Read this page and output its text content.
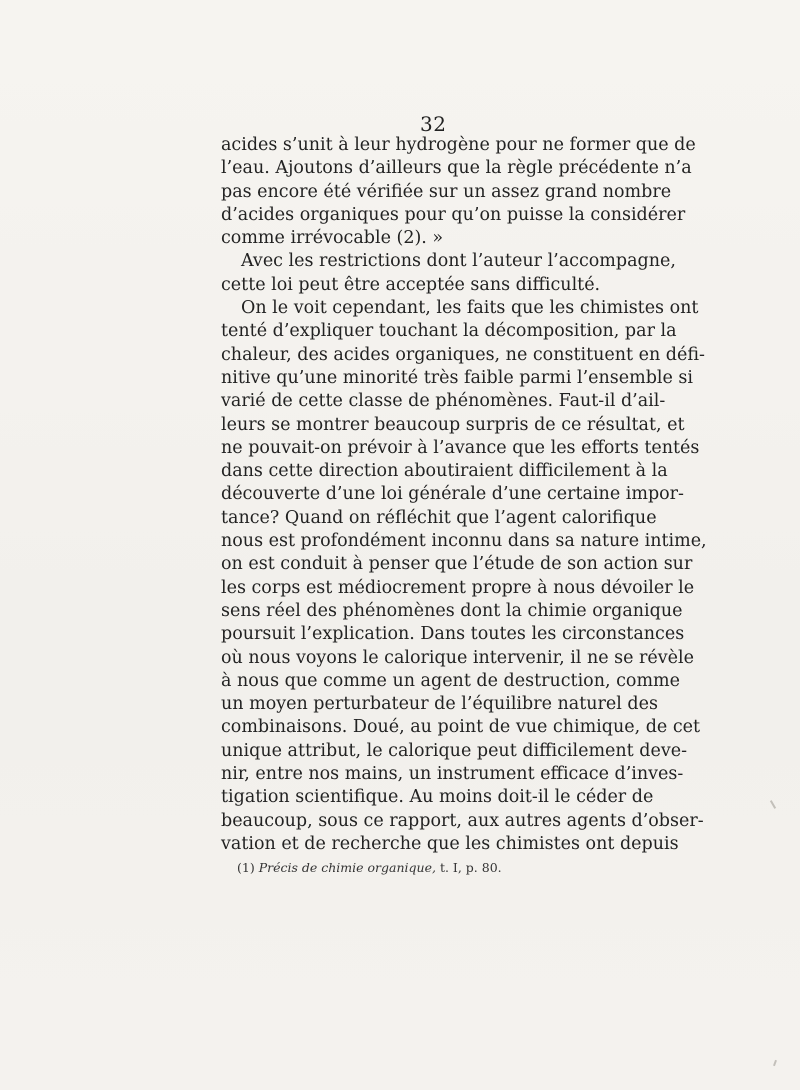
32
acides s’unit à leur hydrogène pour ne former que de
l’eau. Ajoutons d’ailleurs que la règle précédente n’a
pas encore été vérifiée sur un assez grand nombre
d’acides organiques pour qu’on puisse la considérer
comme irrévocable (2). »
Avec les restrictions dont l’auteur l’accompagne,
cette loi peut être acceptée sans difficulté.
On le voit cependant, les faits que les chimistes ont
tenté d’expliquer touchant la décomposition, par la
chaleur, des acides organiques, ne constituent en défi-
nitive qu’une minorité très faible parmi l’ensemble si
varié de cette classe de phénomènes. Faut-il d’ail-
leurs se montrer beaucoup surpris de ce résultat, et
ne pouvait-on prévoir à l’avance que les efforts tentés
dans cette direction aboutiraient difficilement à la
découverte d’une loi générale d’une certaine impor-
tance? Quand on réfléchit que l’agent calorifique
nous est profondément inconnu dans sa nature intime,
on est conduit à penser que l’étude de son action sur
les corps est médiocrement propre à nous dévoiler le
sens réel des phénomènes dont la chimie organique
poursuit l’explication. Dans toutes les circonstances
où nous voyons le calorique intervenir, il ne se révèle
à nous que comme un agent de destruction, comme
un moyen perturbateur de l’équilibre naturel des
combinaisons. Doué, au point de vue chimique, de cet
unique attribut, le calorique peut difficilement deve-
nir, entre nos mains, un instrument efficace d’inves-
tigation scientifique. Au moins doit-il le céder de
beaucoup, sous ce rapport, aux autres agents d’obser-
vation et de recherche que les chimistes ont depuis
(1) Précis de chimie organique, t. I, p. 80.
